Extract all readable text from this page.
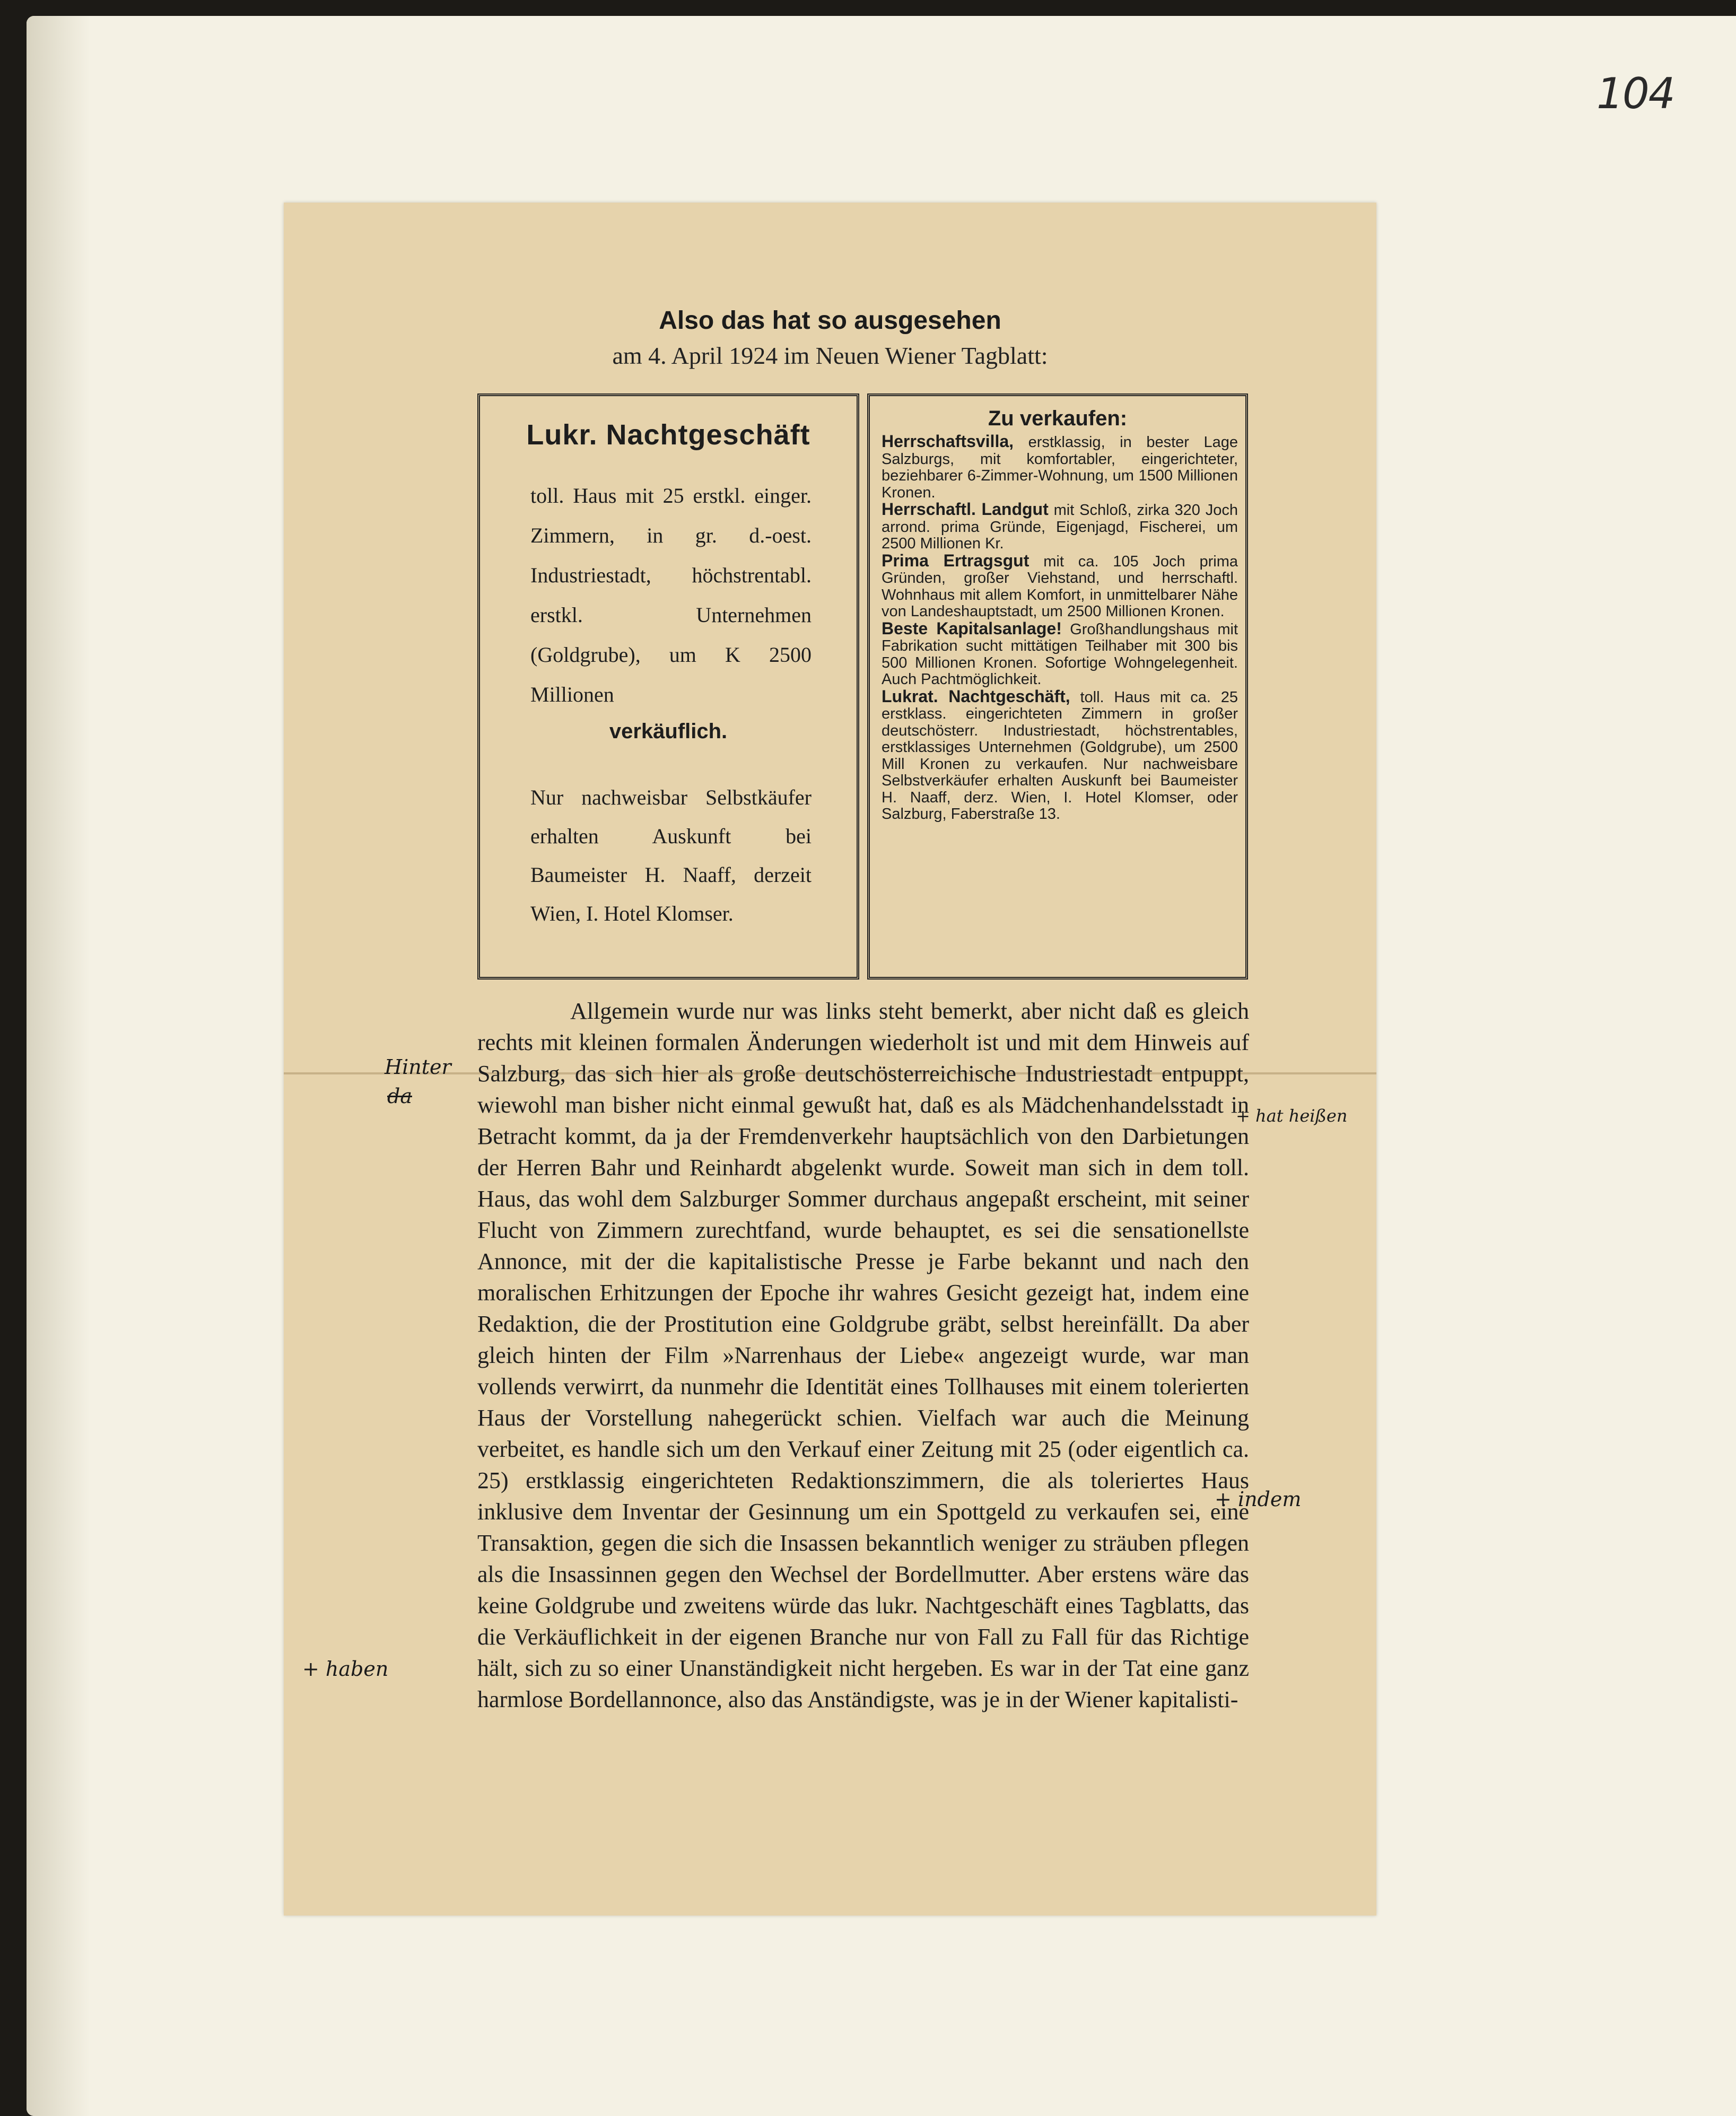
104
Also das hat so ausgesehen
am 4. April 1924 im Neuen Wiener Tagblatt:
Lukr. Nachtgeschäft
toll. Haus mit 25 erstkl. einger. Zimmern, in gr. d.-oest. Industriestadt, höchstrentabl. erstkl. Unternehmen (Goldgrube), um K 2500 Millionen
verkäuflich.
Nur nachweisbar Selbstkäufer erhalten Auskunft bei Baumeister H. Naaff, derzeit Wien, I. Hotel Klomser.
Zu verkaufen:

Herrschaftsvilla, erstklassig, in bester Lage Salzburgs, mit komfortabler, eingerichteter, beziehbarer 6-Zimmer-Wohnung, um 1500 Millionen Kronen.

Herrschaftl. Landgut mit Schloß, zirka 320 Joch arrond. prima Gründe, Eigenjagd, Fischerei, um 2500 Millionen Kr.

Prima Ertragsgut mit ca. 105 Joch prima Gründen, großer Viehstand, und herrschaftl. Wohnhaus mit allem Komfort, in unmittelbarer Nähe von Landeshauptstadt, um 2500 Millionen Kronen.

Beste Kapitalsanlage! Großhandlungshaus mit Fabrikation sucht mittätigen Teilhaber mit 300 bis 500 Millionen Kronen. Sofortige Wohngelegenheit. Auch Pachtmöglichkeit.

Lukrat. Nachtgeschäft, toll. Haus mit ca. 25 erstklass. eingerichteten Zimmern in großer deutschösterr. Industriestadt, höchstrentables, erstklassiges Unternehmen (Goldgrube), um 2500 Mill Kronen zu verkaufen. Nur nachweisbare Selbstverkäufer erhalten Auskunft bei Baumeister H. Naaff, derz. Wien, I. Hotel Klomser, oder Salzburg, Faberstraße 13.

Allgemein wurde nur was links steht bemerkt, aber nicht daß es gleich rechts mit kleinen formalen Änderungen wiederholt ist und mit dem Hinweis auf Salzburg, das sich hier als große deutschösterreichische Industriestadt entpuppt, wiewohl man bisher nicht einmal gewußt hat, daß es als Mädchenhandelsstadt in Betracht kommt, da ja der Fremdenverkehr hauptsächlich von den Darbietungen der Herren Bahr und Reinhardt abgelenkt wurde. Soweit man sich in dem toll. Haus, das wohl dem Salzburger Sommer durchaus angepaßt erscheint, mit seiner Flucht von Zimmern zurechtfand, wurde behauptet, es sei die sensationellste Annonce, mit der die kapitalistische Presse je Farbe bekannt und nach den moralischen Erhitzungen der Epoche ihr wahres Gesicht gezeigt hat, indem eine Redaktion, die der Prostitution eine Goldgrube gräbt, selbst hereinfällt. Da aber gleich hinten der Film »Narrenhaus der Liebe« angezeigt wurde, war man vollends verwirrt, da nunmehr die Identität eines Tollhauses mit einem tolerierten Haus der Vorstellung nahegerückt schien. Vielfach war auch die Meinung verbeitet, es handle sich um den Verkauf einer Zeitung mit 25 (oder eigentlich ca. 25) erstklassig eingerichteten Redaktionszimmern, die als toleriertes Haus inklusive dem Inventar der Gesinnung um ein Spottgeld zu verkaufen sei, eine Transaktion, gegen die sich die Insassen bekanntlich weniger zu sträuben pflegen als die Insassinnen gegen den Wechsel der Bordellmutter. Aber erstens wäre das keine Goldgrube und zweitens würde das lukr. Nachtgeschäft eines Tagblatts, das die Verkäuflichkeit in der eigenen Branche nur von Fall zu Fall für das Richtige hält, sich zu so einer Unanständigkeit nicht hergeben. Es war in der Tat eine ganz harmlose Bordellannonce, also das Anständigste, was je in der Wiener kapitalisti-

Hinter
da
+ hat heißen
+ indem
+ haben
